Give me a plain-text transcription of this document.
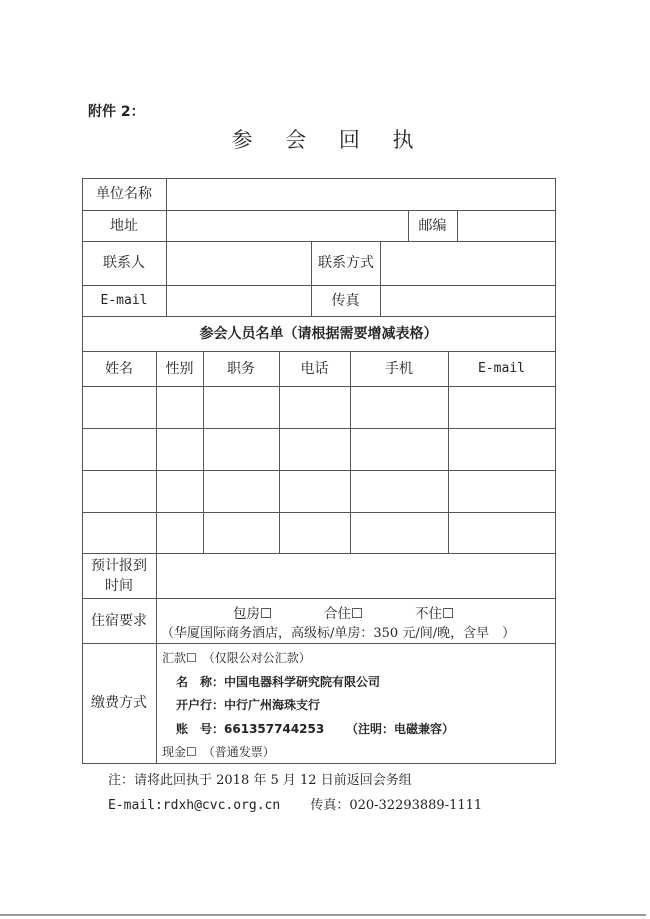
附件 2：
参 会 回 执
单位名称
地址	邮编
联系人	联系方式
E-mail	传真
参会人员名单（请根据需要增减表格）
姓名	性别	职务	电话	手机	E-mail
预计报到时间
住宿要求	包房☐	合住☐	不住☐
（华厦国际商务酒店，高级标/单房：350 元/间/晚，含早　）
缴费方式
汇款☐　（仅限公对公汇款）
名　称：中国电器科学研究院有限公司
开户行：中行广州海珠支行
账　号：661357744253 （注明：电磁兼容）
现金☐　（普通发票）
注：请将此回执于 2018 年 5 月 12 日前返回会务组
E-mail:rdxh@cvc.org.cn 传真：020-32293889-1111
